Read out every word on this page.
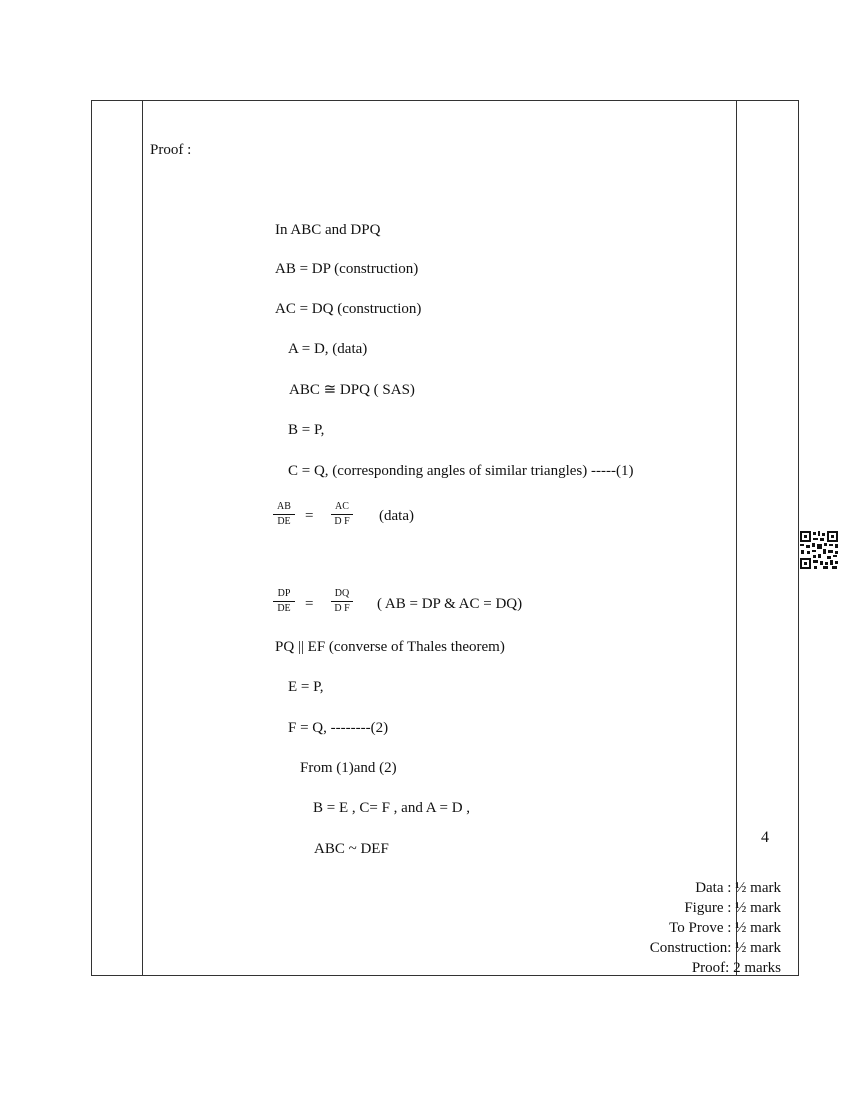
Proof :
In ABC and DPQ
AB = DP (construction)
AC = DQ (construction)
A = D, (data)
ABC ≅ DPQ ( SAS)
B = P,
C = Q, (corresponding angles of similar triangles) -----(1)
$\frac{AB}{DE} = \frac{AC}{\text{D F}}$ (data)
$\frac{DP}{DE} = \frac{DQ}{\text{D F}}$ ( AB = DP & AC = DQ)
PQ || EF (converse of Thales theorem)
E = P,
F = Q, --------(2)
From (1)and (2)
B = E , C= F , and A = D ,
ABC ~ DEF
4
Data : ½ mark
Figure : ½ mark
To Prove : ½ mark
Construction: ½ mark
Proof: 2 marks
